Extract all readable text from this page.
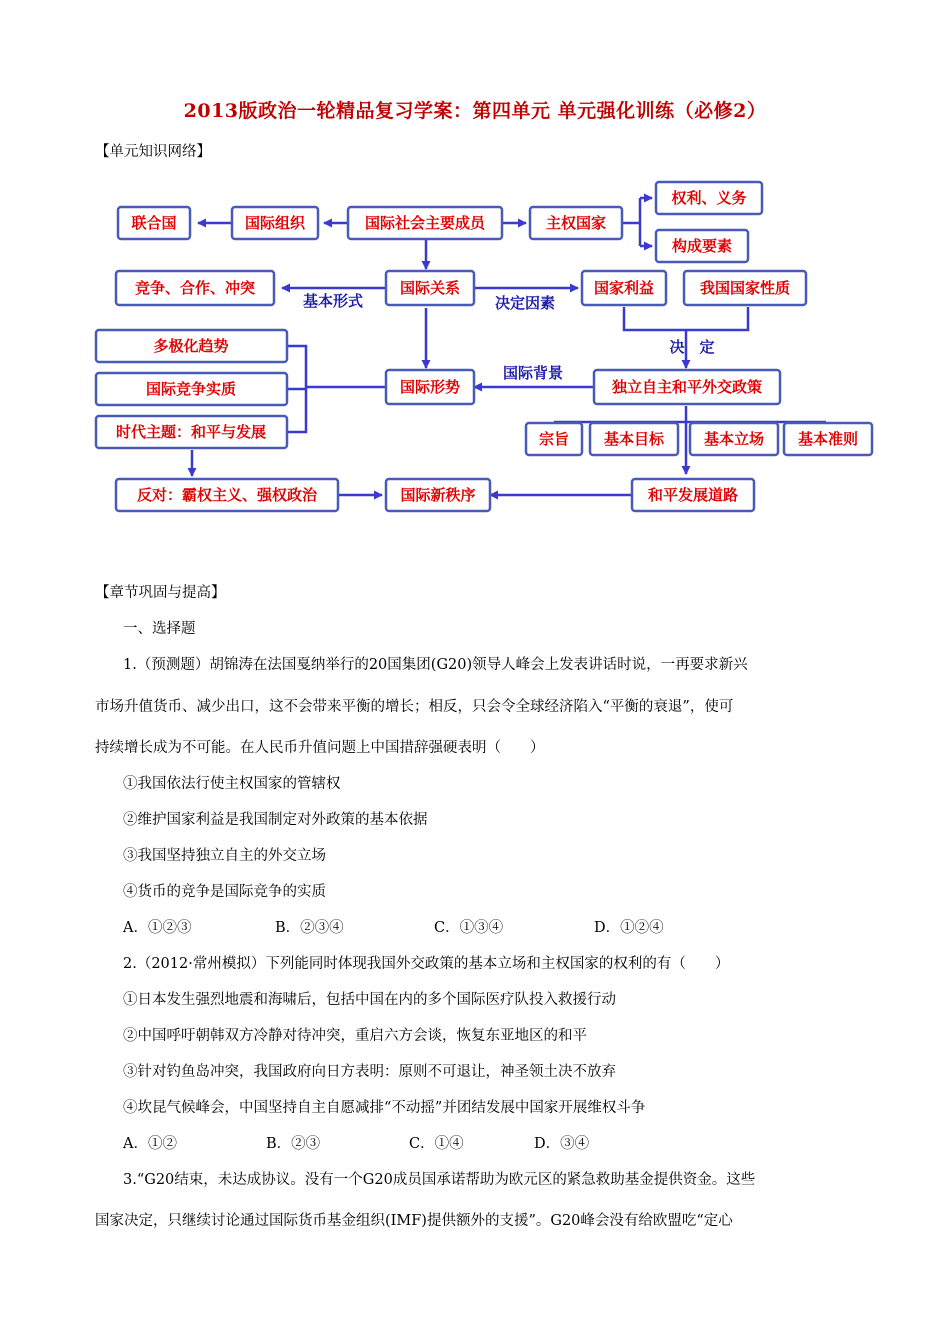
2013版政治一轮精品复习学案：第四单元 单元强化训练（必修2）
【单元知识网络】
联合国	国际组织	国际社会主要成员	主权国家
权利、义务
构成要素
竞争、合作、冲突	国际关系	国家利益	我国国家性质
多极化趋势
国际竞争实质
时代主题：和平与发展
国际形势	独立自主和平外交政策
宗旨 基本目标	基本立场 基本准则
反对：霸权主义、强权政治	国际新秩序	和平发展道路
基本形式	决定因素
决　定
国际背景
【章节巩固与提高】
一、选择题
1.（预测题）胡锦涛在法国戛纳举行的20国集团(G20)领导人峰会上发表讲话时说，一再要求新兴
市场升值货币、减少出口，这不会带来平衡的增长；相反，只会令全球经济陷入“平衡的衰退”，使可
持续增长成为不可能。在人民币升值问题上中国措辞强硬表明（　　）
①我国依法行使主权国家的管辖权
②维护国家利益是我国制定对外政策的基本依据
③我国坚持独立自主的外交立场
④货币的竞争是国际竞争的实质
A．①②③	B．②③④	C．①③④	D．①②④
2.（2012·常州模拟）下列能同时体现我国外交政策的基本立场和主权国家的权利的有（　　）
①日本发生强烈地震和海啸后，包括中国在内的多个国际医疗队投入救援行动
②中国呼吁朝韩双方冷静对待冲突，重启六方会谈，恢复东亚地区的和平
③针对钓鱼岛冲突，我国政府向日方表明：原则不可退让，神圣领土决不放弃
④坎昆气候峰会，中国坚持自主自愿减排“不动摇”并团结发展中国家开展维权斗争
A．①②	B．②③	C．①④	D．③④
3.“G20结束，未达成协议。没有一个G20成员国承诺帮助为欧元区的紧急救助基金提供资金。这些
国家决定，只继续讨论通过国际货币基金组织(IMF)提供额外的支援”。G20峰会没有给欧盟吃“定心
